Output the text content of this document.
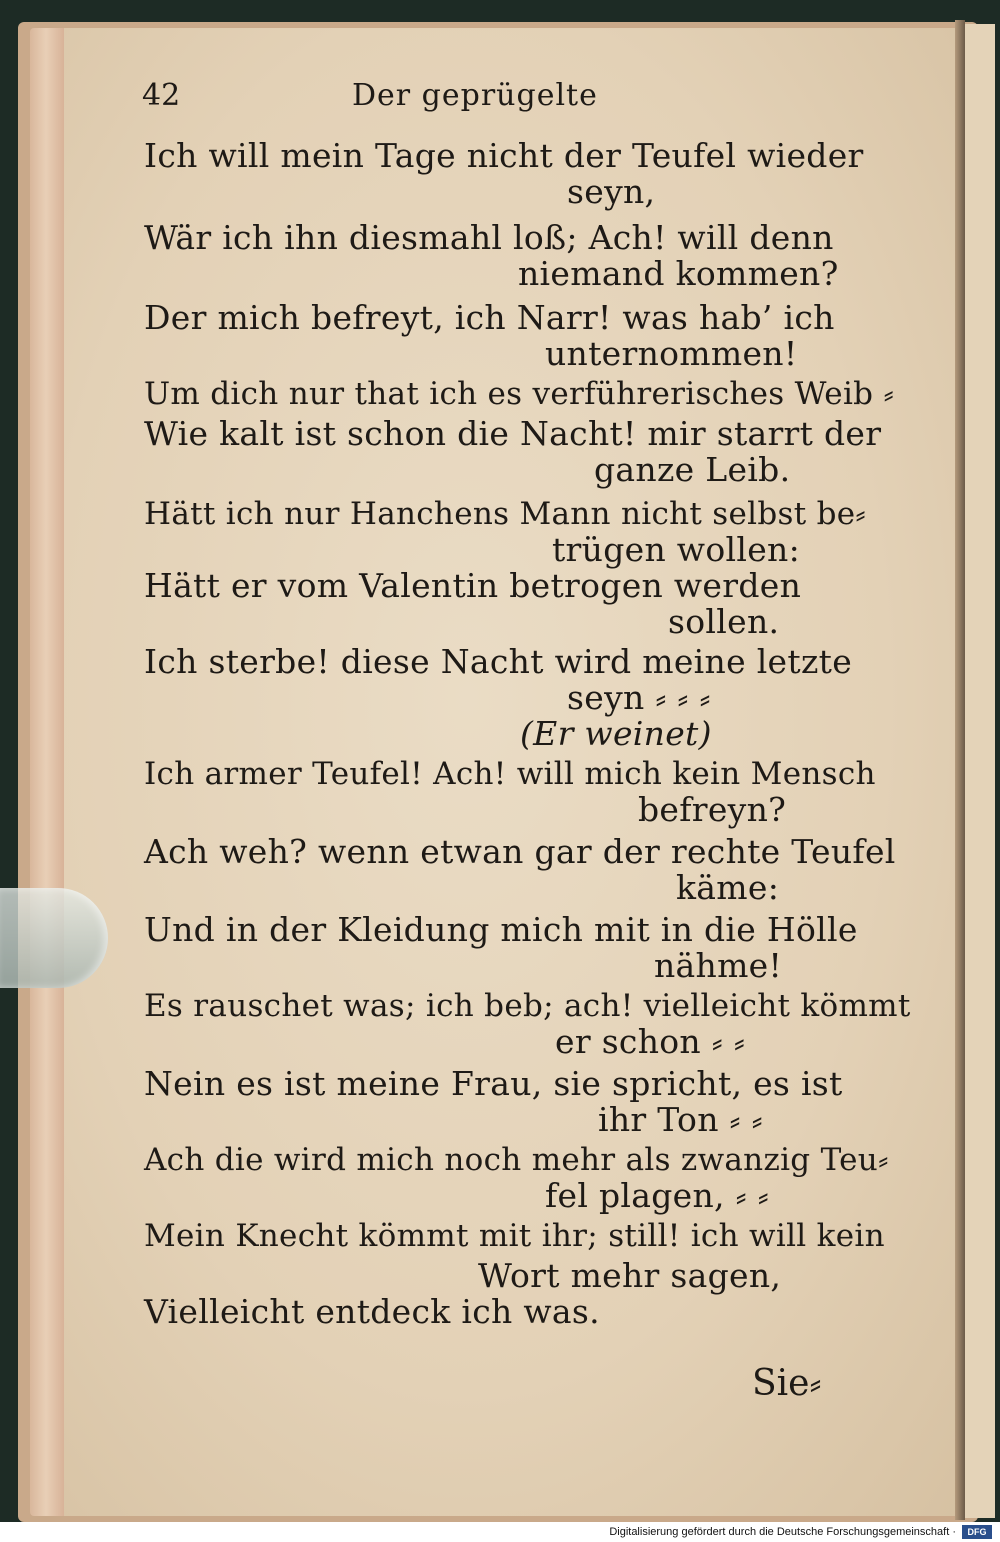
42	Der geprügelte
Ich will mein Tage nicht der Teufel wieder
seyn,
Wär ich ihn diesmahl loß; Ach! will denn
niemand kommen?
Der mich befreyt, ich Narr! was hab’ ich
unternommen!
Um dich nur that ich es verführerisches Weib ⸗
Wie kalt ist schon die Nacht! mir starrt der
ganze Leib.
Hätt ich nur Hanchens Mann nicht selbst be⸗
trügen wollen:
Hätt er vom Valentin betrogen werden
sollen.
Ich sterbe! diese Nacht wird meine letzte
seyn ⸗ ⸗ ⸗
(Er weinet)
Ich armer Teufel! Ach! will mich kein Mensch
befreyn?
Ach weh? wenn etwan gar der rechte Teufel
käme:
Und in der Kleidung mich mit in die Hölle
nähme!
Es rauschet was; ich beb; ach! vielleicht kömmt
er schon ⸗ ⸗
Nein es ist meine Frau, sie spricht, es ist
ihr Ton ⸗ ⸗
Ach die wird mich noch mehr als zwanzig Teu⸗
fel plagen, ⸗ ⸗
Mein Knecht kömmt mit ihr; still! ich will kein
Wort mehr sagen,
Vielleicht entdeck ich was.
Sie⸗
Digitalisierung gefördert durch die Deutsche Forschungsgemeinschaft ·	DFG
